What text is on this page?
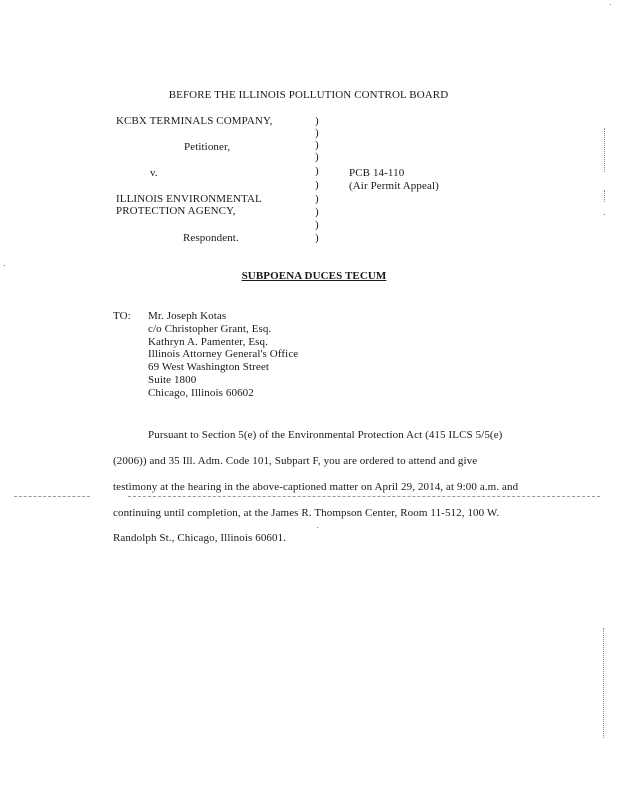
BEFORE THE ILLINOIS POLLUTION CONTROL BOARD
KCBX TERMINALS COMPANY,
Petitioner,
v.
ILLINOIS ENVIRONMENTAL
PROTECTION AGENCY,
Respondent.
)
)
)
)
)
)
)
)
)
)
PCB 14-110
(Air Permit Appeal)
SUBPOENA DUCES TECUM
TO: Mr. Joseph Kotas
c/o Christopher Grant, Esq.
Kathryn A. Pamenter, Esq.
Illinois Attorney General's Office
69 West Washington Street
Suite 1800
Chicago, Illinois 60602
Pursuant to Section 5(e) of the Environmental Protection Act (415 ILCS 5/5(e)
(2006)) and 35 Ill. Adm. Code 101, Subpart F, you are ordered to attend and give
testimony at the hearing in the above-captioned matter on April 29, 2014, at 9:00 a.m. and
continuing until completion, at the James R. Thompson Center, Room 11-512, 100 W.
Randolph St., Chicago, Illinois 60601.
